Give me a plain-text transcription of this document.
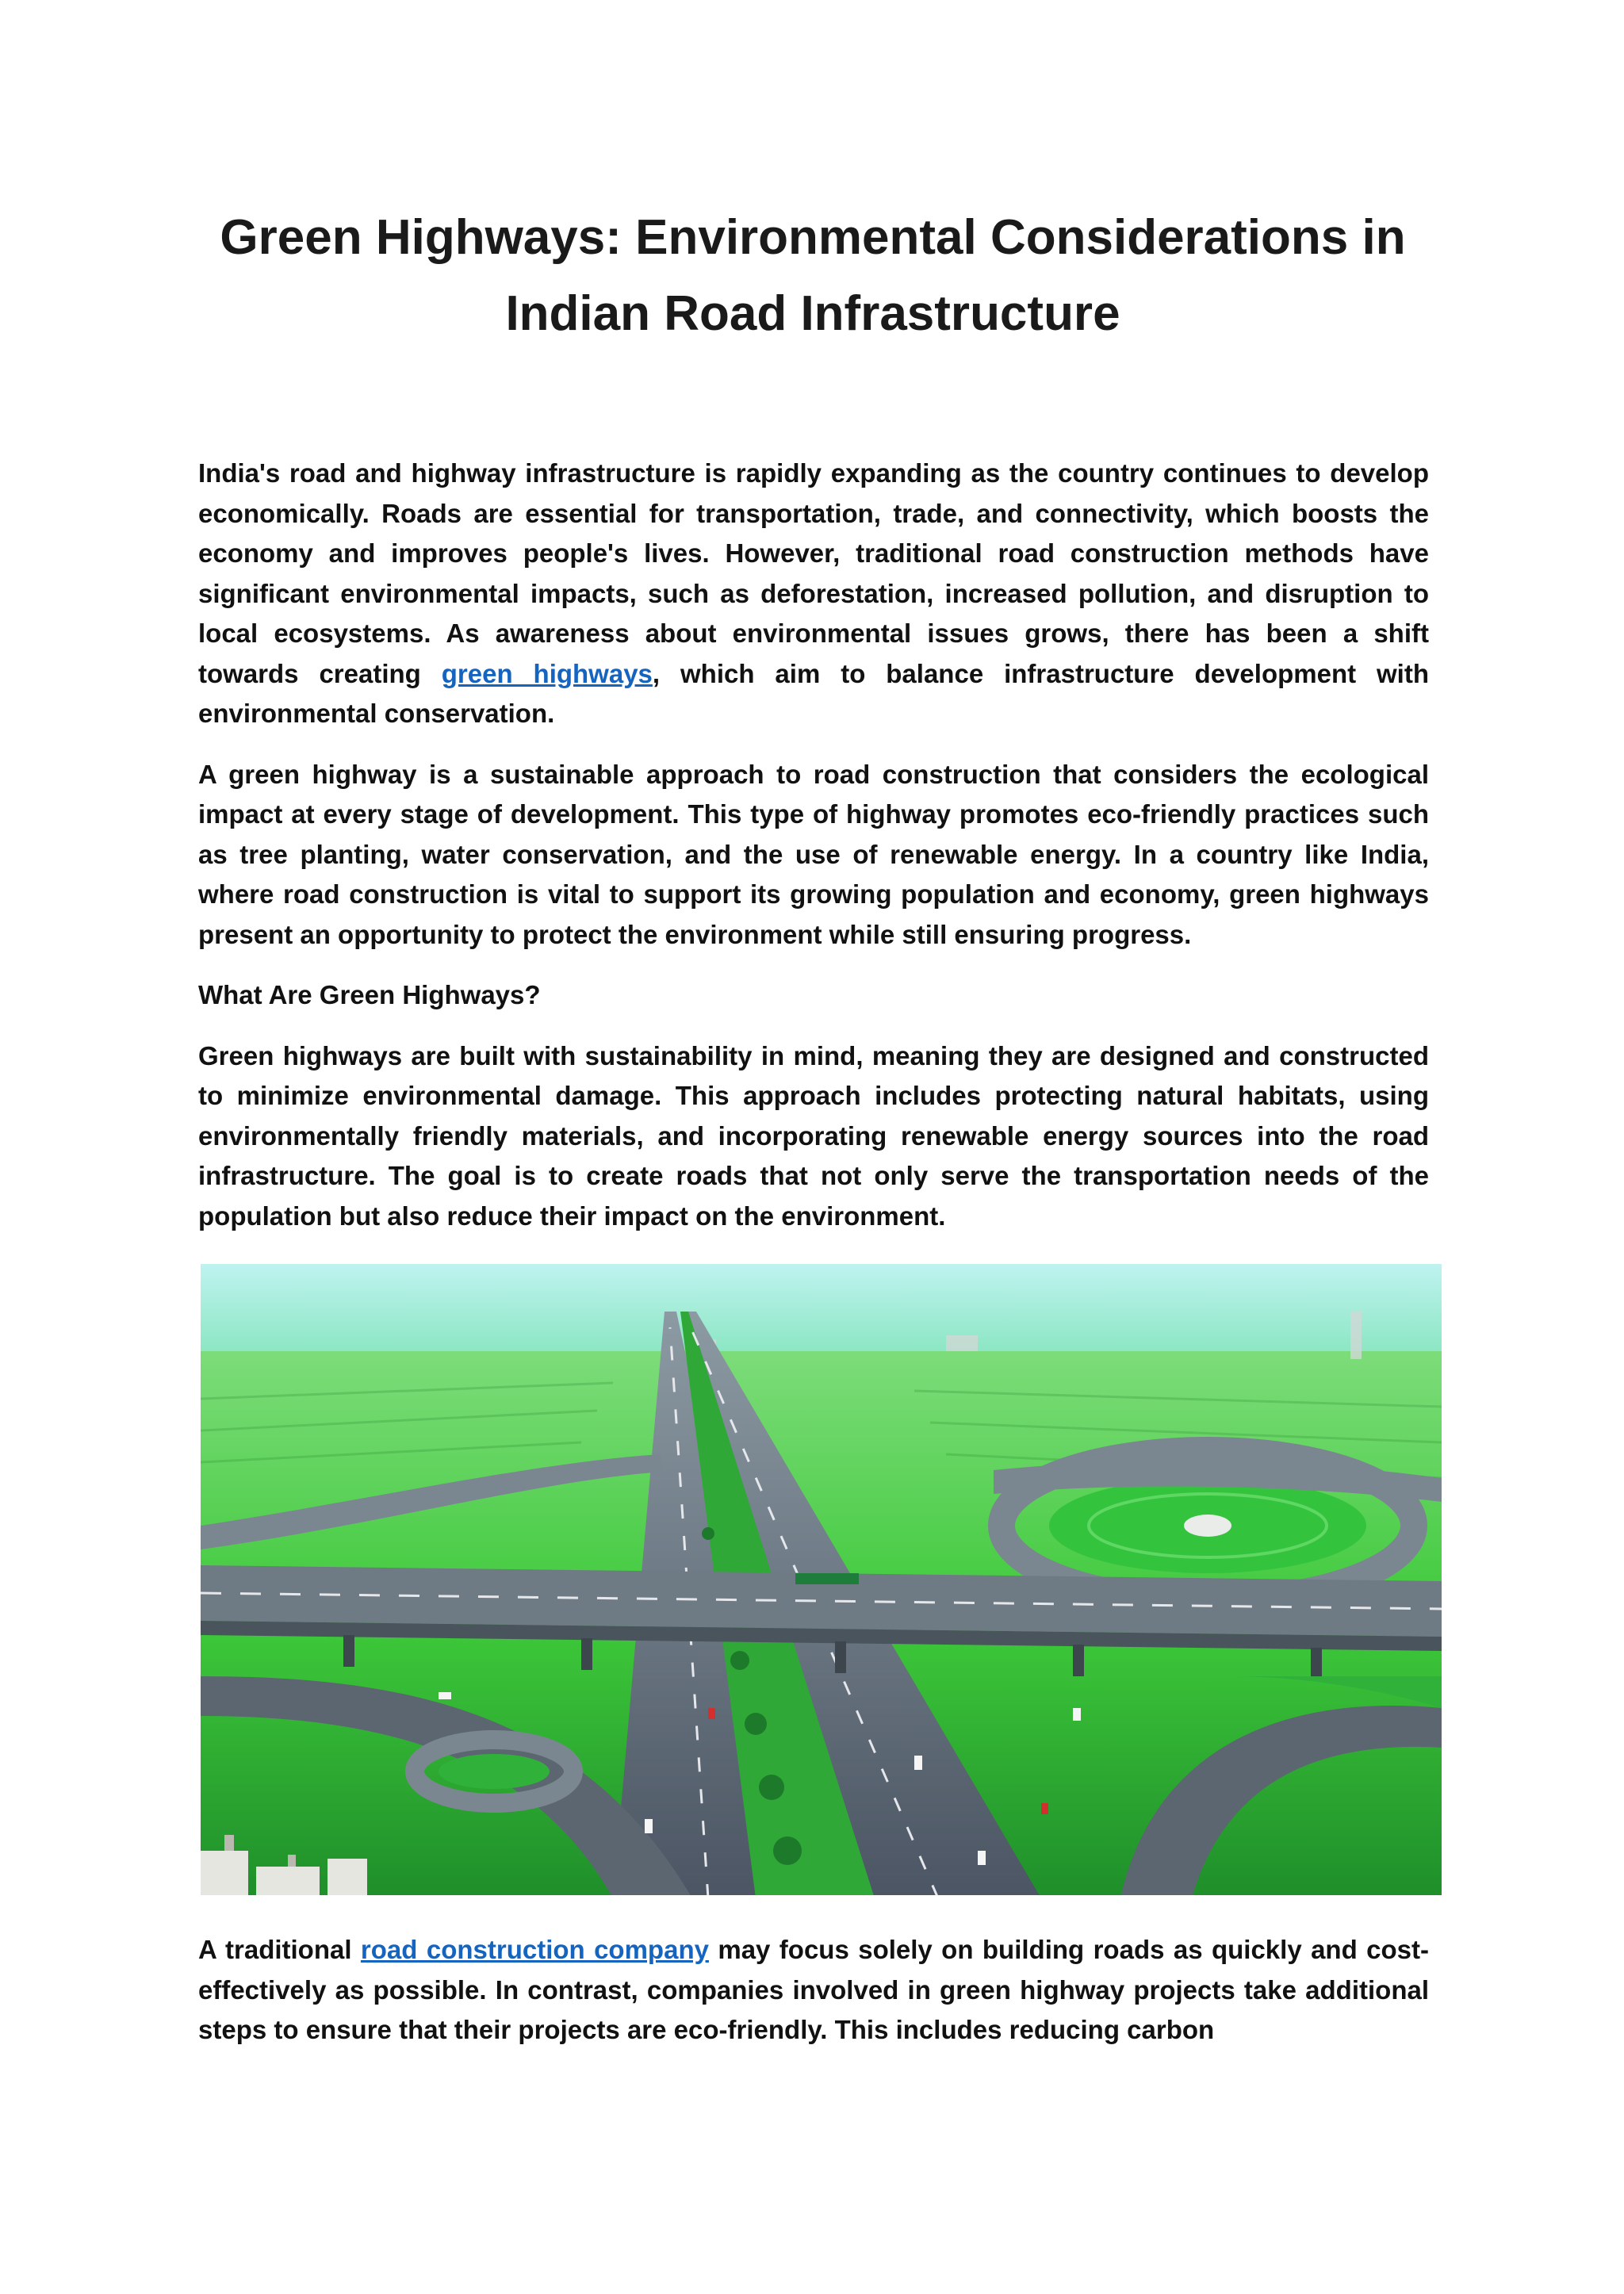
Green Highways: Environmental Considerations in Indian Road Infrastructure

India's road and highway infrastructure is rapidly expanding as the country continues to develop economically. Roads are essential for transportation, trade, and connectivity, which boosts the economy and improves people's lives. However, traditional road construction methods have significant environmental impacts, such as deforestation, increased pollution, and disruption to local ecosystems. As awareness about environmental issues grows, there has been a shift towards creating green highways, which aim to balance infrastructure development with environmental conservation.

A green highway is a sustainable approach to road construction that considers the ecological impact at every stage of development. This type of highway promotes eco-friendly practices such as tree planting, water conservation, and the use of renewable energy. In a country like India, where road construction is vital to support its growing population and economy, green highways present an opportunity to protect the environment while still ensuring progress.

What Are Green Highways?

Green highways are built with sustainability in mind, meaning they are designed and constructed to minimize environmental damage. This approach includes protecting natural habitats, using environmentally friendly materials, and incorporating renewable energy sources into the road infrastructure. The goal is to create roads that not only serve the transportation needs of the population but also reduce their impact on the environment.

A traditional road construction company may focus solely on building roads as quickly and cost-effectively as possible. In contrast, companies involved in green highway projects take additional steps to ensure that their projects are eco-friendly. This includes reducing carbon
